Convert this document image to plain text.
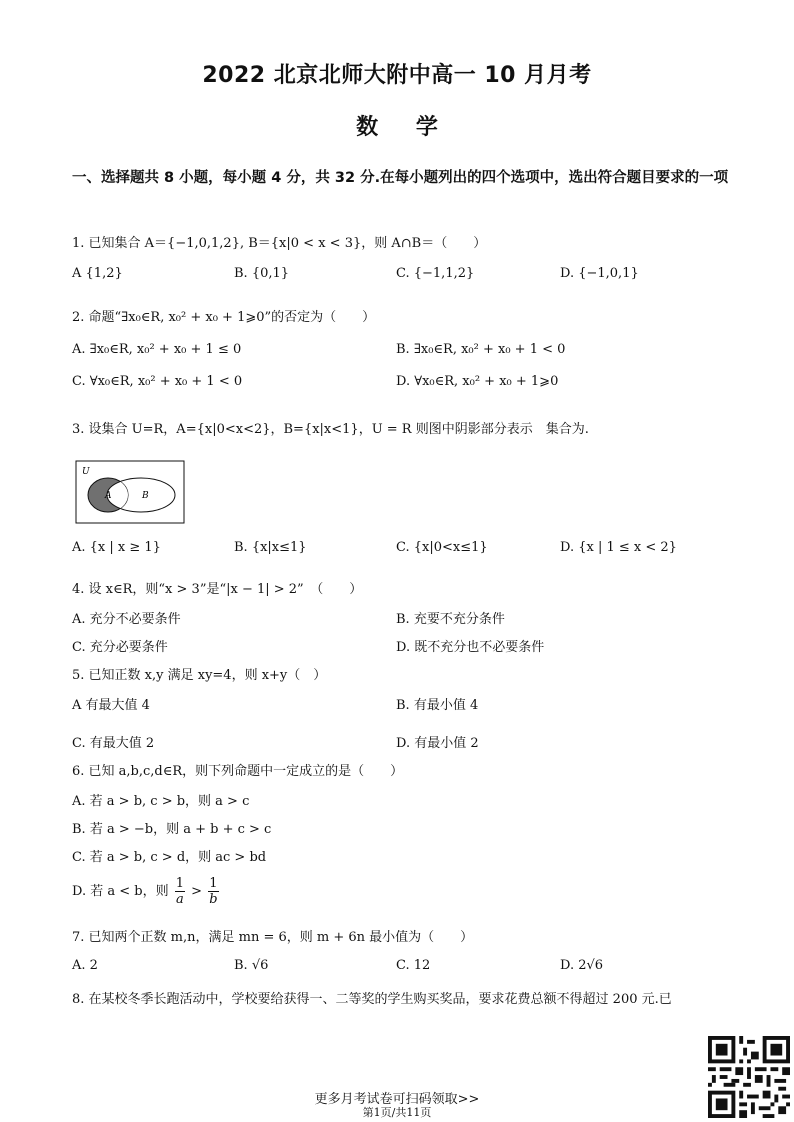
2022 北京北师大附中高一 10 月月考
数 学
一、选择题共 8 小题，每小题 4 分，共 32 分.在每小题列出的四个选项中，选出符合题目要求的一项
1. 已知集合 A＝{−1,0,1,2}, B＝{x|0 < x < 3}，则 A∩B＝（　　）
A {1,2}	B. {0,1}	C. {−1,1,2}	D. {−1,0,1}
2. 命题“∃x₀∈R, x₀² + x₀ + 1⩾0”的否定为（　　）
A. ∃x₀∈R, x₀² + x₀ + 1 ≤ 0	B. ∃x₀∈R, x₀² + x₀ + 1 < 0
C. ∀x₀∈R, x₀² + x₀ + 1 < 0	D. ∀x₀∈R, x₀² + x₀ + 1⩾0
3. 设集合 U=R，A={x|0<x<2}，B={x|x<1}，U = R 则图中阴影部分表示　集合为.
U
A	B
A. {x | x ≥ 1}	B. {x|x≤1}	C. {x|0<x≤1}	D. {x | 1 ≤ x < 2}
4. 设 x∈R，则“x > 3”是“|x − 1| > 2”　（　　）
A. 充分不必要条件	B. 充要不充分条件
C. 充分必要条件	D. 既不充分也不必要条件
5. 已知正数 x,y 满足 xy=4，则 x+y（　）
A 有最大值 4	B. 有最小值 4
C. 有最大值 2	D. 有最小值 2
6. 已知 a,b,c,d∈R，则下列命题中一定成立的是（　　）
A. 若 a > b, c > b，则 a > c
B. 若 a > −b，则 a + b + c > c
C. 若 a > b, c > d，则 ac > bd
D. 若 a < b，则 $\frac{1}{a} > \frac{1}{b}$
7. 已知两个正数 m,n，满足 mn = 6，则 m + 6n 最小值为（　　）
A. 2	B. √6	C. 12	D. 2√6
8. 在某校冬季长跑活动中，学校要给获得一、二等奖的学生购买奖品，要求花费总额不得超过 200 元.已
更多月考试卷可扫码领取>>
第1页/共11页
